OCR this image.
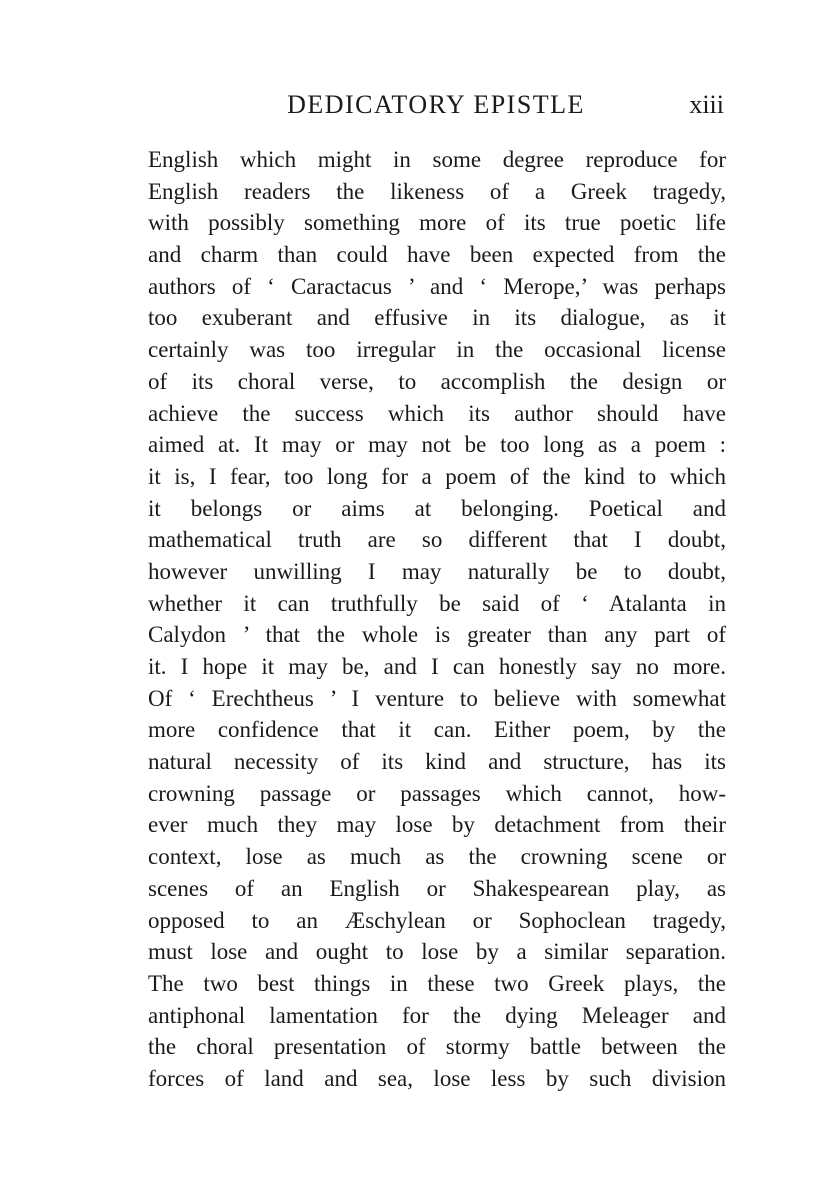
DEDICATORY EPISTLE	xiii
English which might in some degree reproduce for
English readers the likeness of a Greek tragedy,
with possibly something more of its true poetic life
and charm than could have been expected from the
authors of ‘ Caractacus ’ and ‘ Merope,’ was perhaps
too exuberant and effusive in its dialogue, as it
certainly was too irregular in the occasional license
of its choral verse, to accomplish the design or
achieve the success which its author should have
aimed at. It may or may not be too long as a poem :
it is, I fear, too long for a poem of the kind to which
it belongs or aims at belonging. Poetical and
mathematical truth are so different that I doubt,
however unwilling I may naturally be to doubt,
whether it can truthfully be said of ‘ Atalanta in
Calydon ’ that the whole is greater than any part of
it. I hope it may be, and I can honestly say no more.
Of ‘ Erechtheus ’ I venture to believe with somewhat
more confidence that it can. Either poem, by the
natural necessity of its kind and structure, has its
crowning passage or passages which cannot, how-
ever much they may lose by detachment from their
context, lose as much as the crowning scene or
scenes of an English or Shakespearean play, as
opposed to an Æschylean or Sophoclean tragedy,
must lose and ought to lose by a similar separation.
The two best things in these two Greek plays, the
antiphonal lamentation for the dying Meleager and
the choral presentation of stormy battle between the
forces of land and sea, lose less by such division
